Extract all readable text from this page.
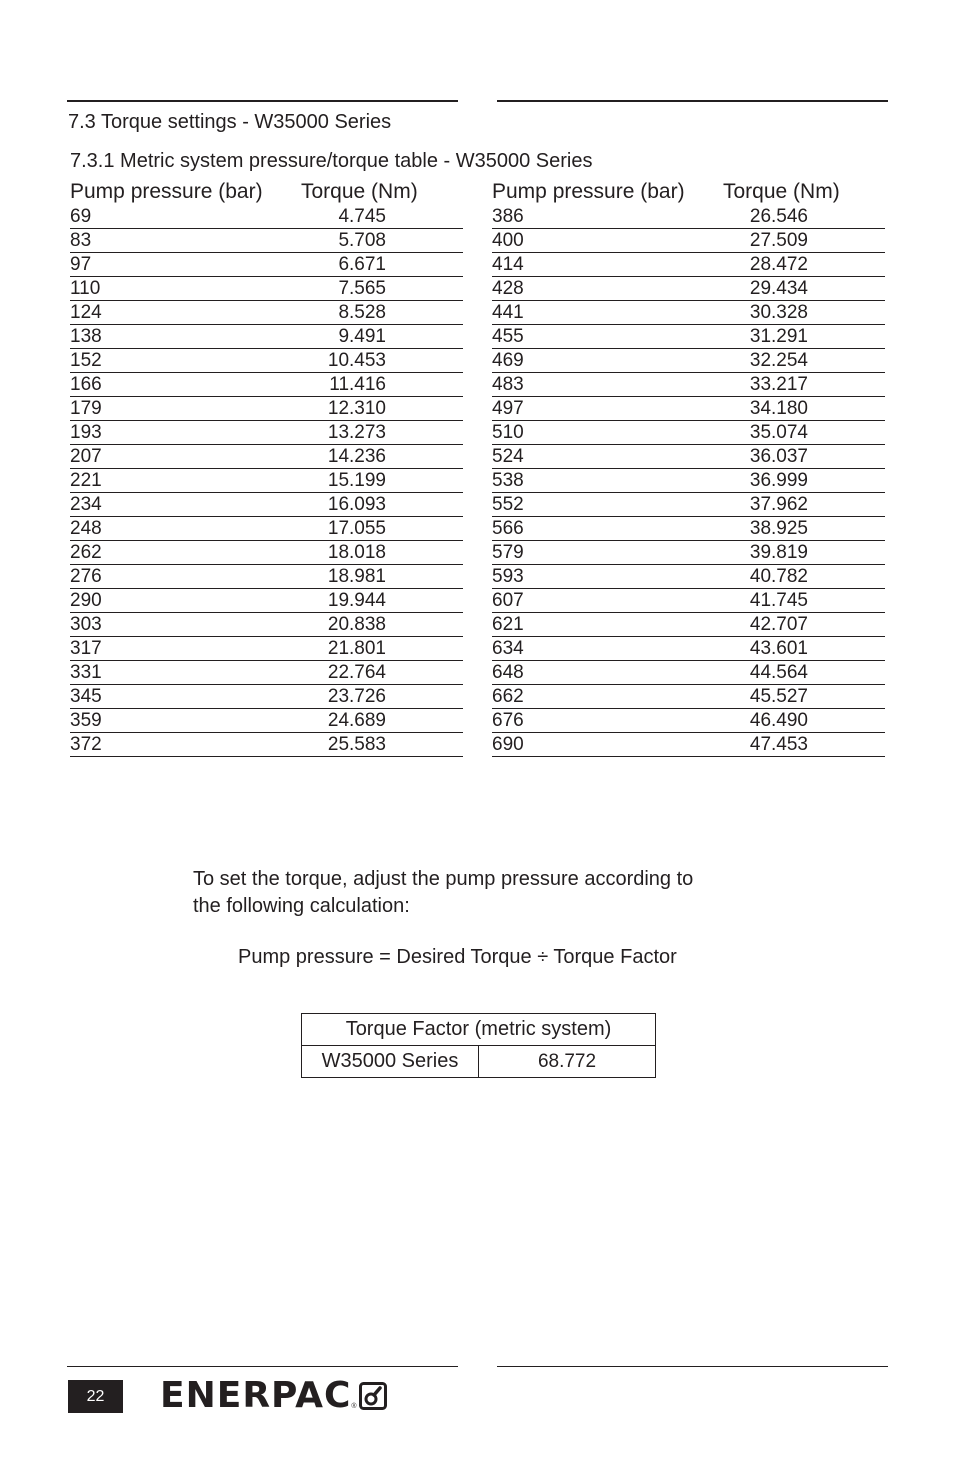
7.3 Torque settings - W35000 Series
7.3.1 Metric system pressure/torque table - W35000 Series
Pump pressure (bar)	Torque (Nm)
69	4.745
83	5.708
97	6.671
110	7.565
124	8.528
138	9.491
152	10.453
166	11.416
179	12.310
193	13.273
207	14.236
221	15.199
234	16.093
248	17.055
262	18.018
276	18.981
290	19.944
303	20.838
317	21.801
331	22.764
345	23.726
359	24.689
372	25.583
Pump pressure (bar)	Torque (Nm)
386	26.546
400	27.509
414	28.472
428	29.434
441	30.328
455	31.291
469	32.254
483	33.217
497	34.180
510	35.074
524	36.037
538	36.999
552	37.962
566	38.925
579	39.819
593	40.782
607	41.745
621	42.707
634	43.601
648	44.564
662	45.527
676	46.490
690	47.453

To set the torque, adjust the pump pressure according to
the following calculation:

Pump pressure = Desired Torque ÷ Torque Factor

Torque Factor (metric system)
W35000 Series	68.772
22	ENERPAC ®
